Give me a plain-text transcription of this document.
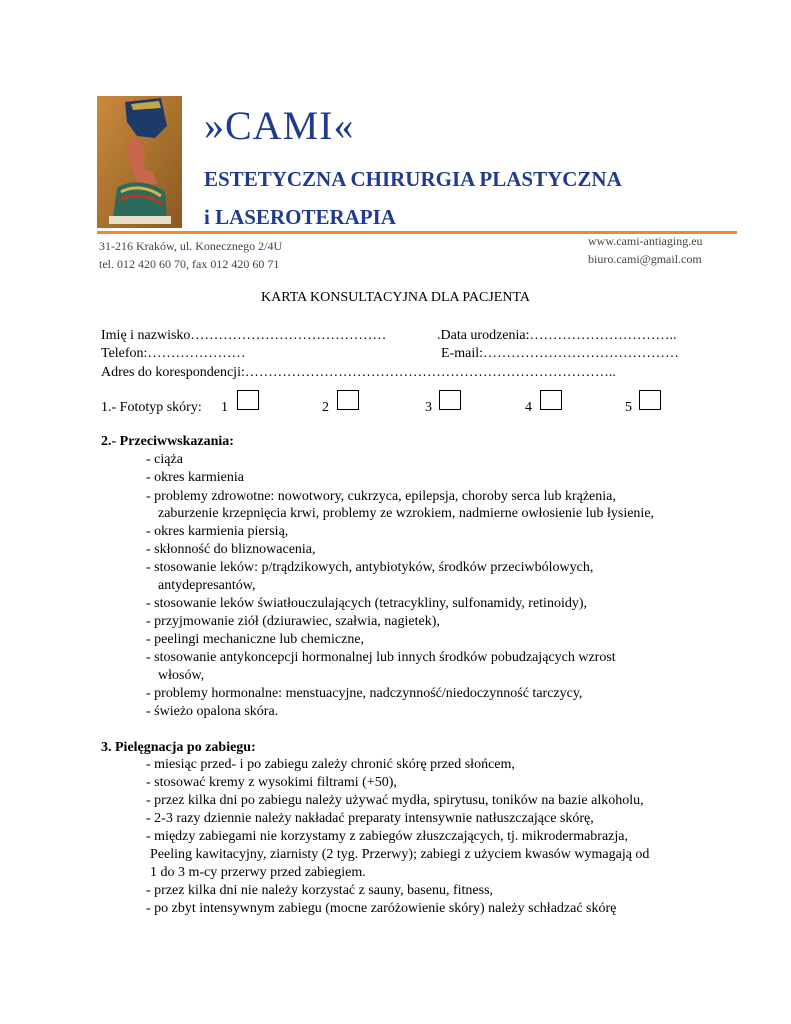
»CAMI«
ESTETYCZNA CHIRURGIA PLASTYCZNA
i LASEROTERAPIA
31-216 Kraków, ul. Konecznego 2/4U
tel. 012 420 60 70, fax 012 420 60 71
www.cami-antiaging.eu
biuro.cami@gmail.com
KARTA KONSULTACYJNA DLA PACJENTA
Imię i nazwisko……………………………………	.Data urodzenia:…………………………..
Telefon:…………………	E-mail:……………………………………
Adres do korespondencji:……………………………………………………………………..
1.- Fototyp skóry: 1	2	3	4	5
2.- Przeciwwskazania:
- ciąża
- okres karmienia
- problemy zdrowotne: nowotwory, cukrzyca, epilepsja, choroby serca lub krążenia,
zaburzenie krzepnięcia krwi, problemy ze wzrokiem, nadmierne owłosienie lub łysienie,
- okres karmienia piersią,
- skłonność do bliznowacenia,
- stosowanie leków: p/trądzikowych, antybiotyków, środków przeciwbólowych,
antydepresantów,
- stosowanie leków światłouczulających (tetracykliny, sulfonamidy, retinoidy),
- przyjmowanie ziół (dziurawiec, szałwia, nagietek),
- peelingi mechaniczne lub chemiczne,
- stosowanie antykoncepcji hormonalnej lub innych środków pobudzających wzrost
włosów,
- problemy hormonalne: menstuacyjne, nadczynność/niedoczynność tarczycy,
- świeżo opalona skóra.
3. Pielęgnacja po zabiegu:
- miesiąc przed- i po zabiegu zależy chronić skórę przed słońcem,
- stosować kremy z wysokimi filtrami (+50),
- przez kilka dni po zabiegu należy używać mydła, spirytusu, toników na bazie alkoholu,
- 2-3 razy dziennie należy nakładać preparaty intensywnie natłuszczające skórę,
- między zabiegami nie korzystamy z zabiegów złuszczających, tj. mikrodermabrazja,
Peeling kawitacyjny, ziarnisty (2 tyg. Przerwy); zabiegi z użyciem kwasów wymagają od
1 do 3 m-cy przerwy przed zabiegiem.
- przez kilka dni nie należy korzystać z sauny, basenu, fitness,
- po zbyt intensywnym zabiegu (mocne zaróżowienie skóry) należy schładzać skórę
